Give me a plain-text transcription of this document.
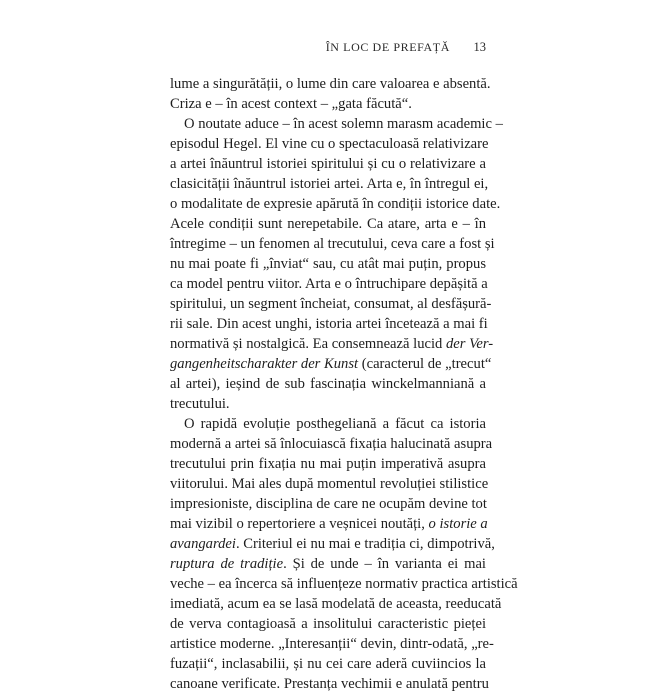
ÎN LOC DE PREFAȚĂ 13
lume a singurătății, o lume din care valoarea e absentă.
Criza e – în acest context – „gata făcută“.
O noutate aduce – în acest solemn marasm academic –
episodul Hegel. El vine cu o spectaculoasă relativizare
a artei înăuntrul istoriei spiritului și cu o relativizare a
clasicității înăuntrul istoriei artei. Arta e, în întregul ei,
o modalitate de expresie apărută în condiții istorice date.
Acele condiții sunt nerepetabile. Ca atare, arta e – în
întregime – un fenomen al trecutului, ceva care a fost și
nu mai poate fi „înviat“ sau, cu atât mai puțin, propus
ca model pentru viitor. Arta e o întruchipare depășită a
spiritului, un segment încheiat, consumat, al desfășură-
rii sale. Din acest unghi, istoria artei încetează a mai fi
normativă și nostalgică. Ea consemnează lucid der Ver-
gangenheitscharakter der Kunst (caracterul de „trecut“
al artei), ieșind de sub fascinația winckelmanniană a
trecutului.
O rapidă evoluție posthegeliană a făcut ca istoria
modernă a artei să înlocuiască fixația halucinată asupra
trecutului prin fixația nu mai puțin imperativă asupra
viitorului. Mai ales după momentul revoluției stilistice
impresioniste, disciplina de care ne ocupăm devine tot
mai vizibil o repertoriere a veșnicei noutăți, o istorie a
avangardei. Criteriul ei nu mai e tradiția ci, dimpotrivă,
ruptura de tradiție. Și de unde – în varianta ei mai
veche – ea încerca să influențeze normativ practica artistică
imediată, acum ea se lasă modelată de aceasta, reeducată
de verva contagioasă a insolitului caracteristic pieței
artistice moderne. „Interesanții“ devin, dintr-odată, „re-
fuzații“, inclasabilii, și nu cei care aderă cuviincios la
canoane verificate. Prestanța vechimii e anulată pentru
